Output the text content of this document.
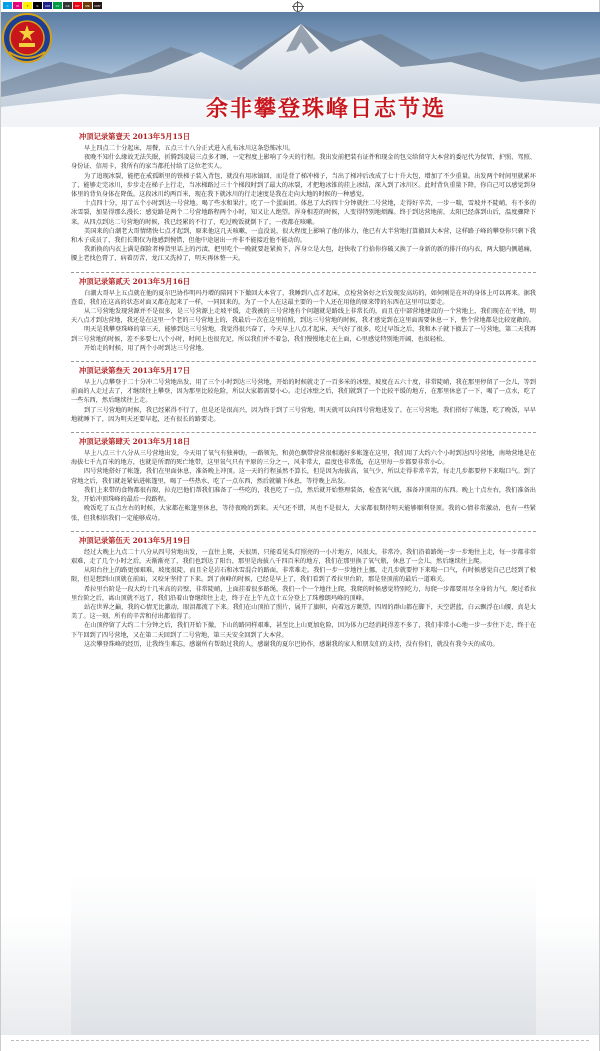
C	M	Y	K	CM	CY	CK	MY	MK	CMY
余非攀登珠峰日志节选
冲顶记录第壹天 2013年5月15日

早上四点二十分起床，用餐，五点三十八分正式进入孔布冰川这条恐怖冰川。

夜晚不知什么缘故无法失眠，折腾到凌晨三点多才睡，一定程度上影响了今天的行程。我出发前把装有证件和现金的包交给留守大本营的委尼代为保管，护照、驾照、身份证、信用卡，我所有的家当都托付给了这位老实人。

为了追现冰裂，能把在戒孤断里的铁梯子装入背包，就没有用冰镐回，而是背了梯冲梯子，当出了梯冲后改成了七十升大包，增加了不少重量。出发两个时间里就累坏了，能够走完冰川，步步走在梯子上行走，当冰梯路过三十个梯段时到了最大的冰裂，才把地冰锥的挂上冰结，深入到了冰川区。此时背负重量下降，你自己可以感觉到身体里的背负身体在降低。这段冰川约两百米，现在我下就冰川的行走速度是我在走向大地的时候的一种感觉。

十点四十分，用了五个小时到达一号营地。喝了些水和果汁，吃了一个蛋面团。体息了大约四十分钟就往二号营地，走得好辛苦，一步一喘，雪坡并不陡峭，有不多的冰雪裂，加显得那么漫长；感觉路是两个二号营地路程两个小时，知又让人绝望。浑身相差的时候，人变得特别地烦躁。终于到达营地前，太阳已经落到山后，温度骤降下来。从四点到达二号营地的时候，我已经累的不行了，吃过晚饭就倒下了，一夜都在咳嗽。

美国来的白潮老大哥情绪快七点才起到，原来他这几天咳嗽，一直没说，很大程度上影响了他的体力，他已有大半营地打算撤回大本营，这样路子峰的攀登你只剩下我和木子成员了，我们长期仅为他感到惋惜，但他中途退出一并非不能接近他不能动的。

我新换的内衣上满是探险者棒货里话上的污渍，把里吃个一晚就要赶紧换下，浑身立是大包，赶快收了行拾你你破又换了一身新的新的排汗的内衣，两大腿内侧越痛，腰上老找色膏了，病着历苦，龙江又洗掉了，明天再休整一天。

冲顶记录第贰天 2013年5月16日

白潮大哥早上五点就在他的夏尔巴协作明玛丹增的陪同下下撤回大本营了，我睡到八点才起床，点检营备好之后发现发高坊的，如何刚是在坏的身体上可以再来。据我查看，我们在这高的状态对面又都在起来了一样，一同回来的，为了一个人在这最主要的一个人还在用他的原来带的东西在这里可以要走。

从二号营地发现营源并不是很多，是三号营源上走坡平缓，走我被的三号营地有个问题就是路线上非常长的，而且在中部营地建设的一个营地上，我们现在在平地，明天八点才到达营地，我还是在这里一个老的三号营地上的，我最后一次在这里拍照，到达三号营地的时候，我才感觉到在这里面需要休息一下，整个营地都是比较宽敞的。

明天是我攀登珠峰的第三天，能够到达三号营地，我觉得很兴奋了，今天早上八点才起床，天气好了很多，吃过早饭之后，我和木子就下撤去了一号营地，第二天我再到三号营地的时候，差不多要七八个小时，时间上也很充足，所以我们并不着急，我们慢慢地走在上面，心里感觉特别地开阔，也很轻松。

开始走的时候，用了两个小时到达三号营地。

冲顶记录第叁天 2013年5月17日

早上八点攀登于二十分冲二号营地出发，用了三个小时到达三号营地，开始的时候就走了一百多米的冰壁，坡度在五六十度，非常陡峭，我在那里停留了一会儿，等到前面的人走过去了，才继续往上攀登，因为那里比较危险，所以大家都需要小心。走过冰壁之后，我们就到了一个比较平缓的地方，在那里休息了一下，喝了一点水，吃了一些东西，然后继续往上走。

到了三号营地的时候，我已经累得不行了，但是还是很高兴，因为终于到了三号营地，明天就可以向四号营地进发了。在三号营地，我们搭好了帐篷，吃了晚饭，早早地就睡下了，因为明天还要早起，还有很长的路要走。

冲顶记录第肆天 2013年5月18日

早上八点三十八分从三号营地出发，今天用了氧气有独神助，一路领先，和黄色飘带营营很相遇好多帐篷在这里，我们用了大约六个小时到达四号营地，南坳营地是在海拔七千九百米的地方，也就是所谓的死亡地带，这里氧气只有平原的三分之一，风非常大，温度也非常低，在这里每一步都要非常小心。

四号营地搭好了帐篷，我们在里面休息，准备晚上冲顶。这一天的行程虽然不算长，但是因为海拔高，氧气少，所以走得非常辛苦，每走几步都要停下来喘口气。到了营地之后，我们就赶紧钻进帐篷里，喝了一些热水，吃了一点东西，然后就躺下休息，等待晚上出发。

我们上来带的食物都很有限，拉克巴他们帮我们准备了一些吃的，我也吃了一点，然后就开始整理装备，检查氧气瓶，准备冲顶用的东西。晚上十点左右，我们准备出发，开始冲顶珠峰的最后一段路程。

晚饭吃了五点左右的时候，大家都在帐篷里休息，等待夜晚的到来。天气还不错，风也不是很大，大家都很期待明天能够顺利登顶。我的心情非常激动，也有一些紧张，但我相信我们一定能够成功。

冲顶记录第伍天 2013年5月19日

经过大晚上九点二十八分从四号营地出发，一直往上爬，天很黑，只能看见头灯照亮的一小片地方，风很大，非常冷。我们沿着路绳一步一步地往上走，每一步都非常艰难，走了几个小时之后，天渐渐亮了，我们也到达了阳台，那里是海拔八千四百米的地方，我们在那里换了氧气瓶，休息了一会儿，然后继续往上爬。

从阳台往上的路更加艰难，坡度很陡，而且全是岩石和冰雪混合的路面，非常难走。我们一步一步地往上挪，走几步就要停下来喘一口气，有时候感觉自己已经到了极限，但是想到山顶就在前面，又咬牙坚持了下来。到了南峰的时候，已经是早上了，我们看到了希拉里台阶，那是登顶前的最后一道难关。

希拉里台阶是一段大约十几米高的岩壁，非常陡峭，上面挂着很多路绳，我们一个一个地往上爬，我爬的时候感觉特别吃力，每爬一步都要用尽全身的力气，爬过希拉里台阶之后，离山顶就不远了，我们沿着山脊继续往上走，终于在上午九点十五分登上了珠穆朗玛峰的顶峰。

站在世界之巅，我的心情无比激动，眼泪都流了下来。我们在山顶拍了照片，展开了旗帜，向着远方眺望，四周的群山都在脚下，天空湛蓝，白云飘浮在山腰，真是太美了。这一刻，所有的辛苦和付出都值得了。

在山顶停留了大约二十分钟之后，我们开始下撤，下山的路同样艰难，甚至比上山更加危险，因为体力已经消耗得差不多了，我们非常小心地一步一步往下走，终于在下午回到了四号营地，又在第二天回到了二号营地，第三天安全回到了大本营。

这次攀登珠峰的经历，让我终生难忘，感谢所有帮助过我的人，感谢我的夏尔巴协作，感谢我的家人和朋友们的支持，没有你们，就没有我今天的成功。
